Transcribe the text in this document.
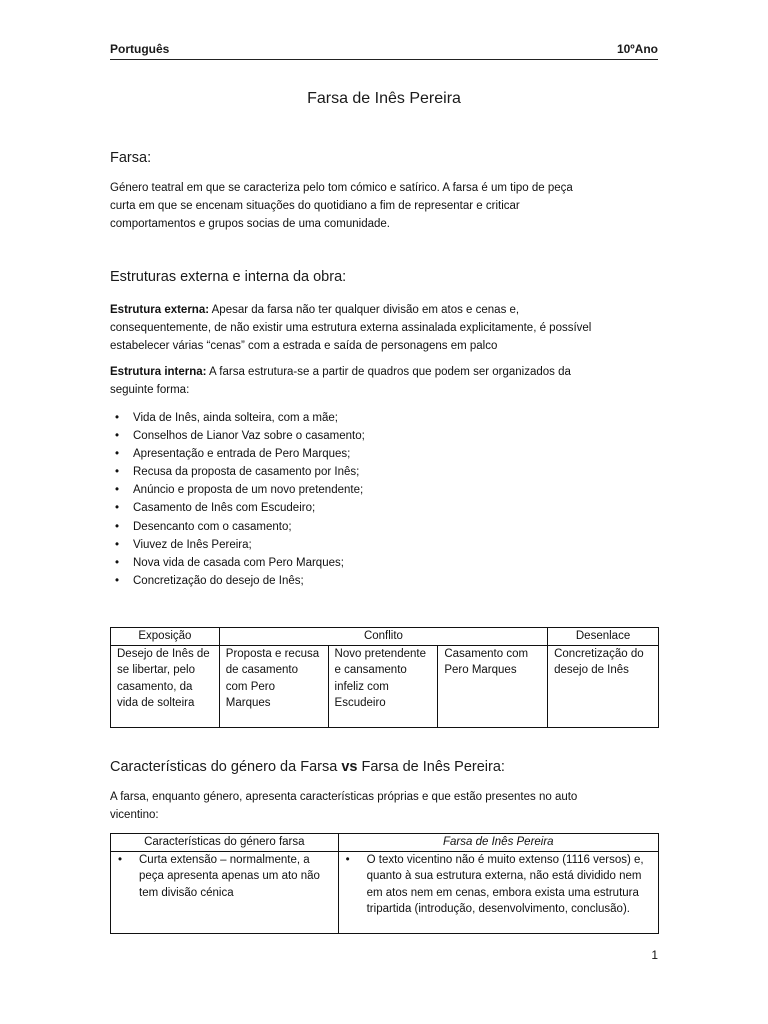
Português	10ºAno
Farsa de Inês Pereira
Farsa:
Género teatral em que se caracteriza pelo tom cómico e satírico. A farsa é um tipo de peça
curta em que se encenam situações do quotidiano a fim de representar e criticar
comportamentos e grupos socias de uma comunidade.
Estruturas externa e interna da obra:
Estrutura externa: Apesar da farsa não ter qualquer divisão em atos e cenas e,
consequentemente, de não existir uma estrutura externa assinalada explicitamente, é possível
estabelecer várias “cenas” com a estrada e saída de personagens em palco
Estrutura interna: A farsa estrutura-se a partir de quadros que podem ser organizados da
seguinte forma:
• Vida de Inês, ainda solteira, com a mãe;
• Conselhos de Lianor Vaz sobre o casamento;
• Apresentação e entrada de Pero Marques;
• Recusa da proposta de casamento por Inês;
• Anúncio e proposta de um novo pretendente;
• Casamento de Inês com Escudeiro;
• Desencanto com o casamento;
• Viuvez de Inês Pereira;
• Nova vida de casada com Pero Marques;
• Concretização do desejo de Inês;
Exposição	Conflito			Desenlace
Desejo de Inês de se libertar, pelo casamento, da vida de solteira	Proposta e recusa de casamento com Pero Marques	Novo pretendente e cansamento infeliz com Escudeiro	Casamento com Pero Marques	Concretização do desejo de Inês
Características do género da Farsa vs Farsa de Inês Pereira:
A farsa, enquanto género, apresenta características próprias e que estão presentes no auto
vicentino:
Características do género farsa	Farsa de Inês Pereira

• Curta extensão – normalmente, a peça apresenta apenas um ato não tem divisão cénica	• O texto vicentino não é muito extenso (1116 versos) e, quanto à sua estrutura externa, não está dividido nem em atos nem em cenas, embora exista uma estrutura tripartida (introdução, desenvolvimento, conclusão).
1
